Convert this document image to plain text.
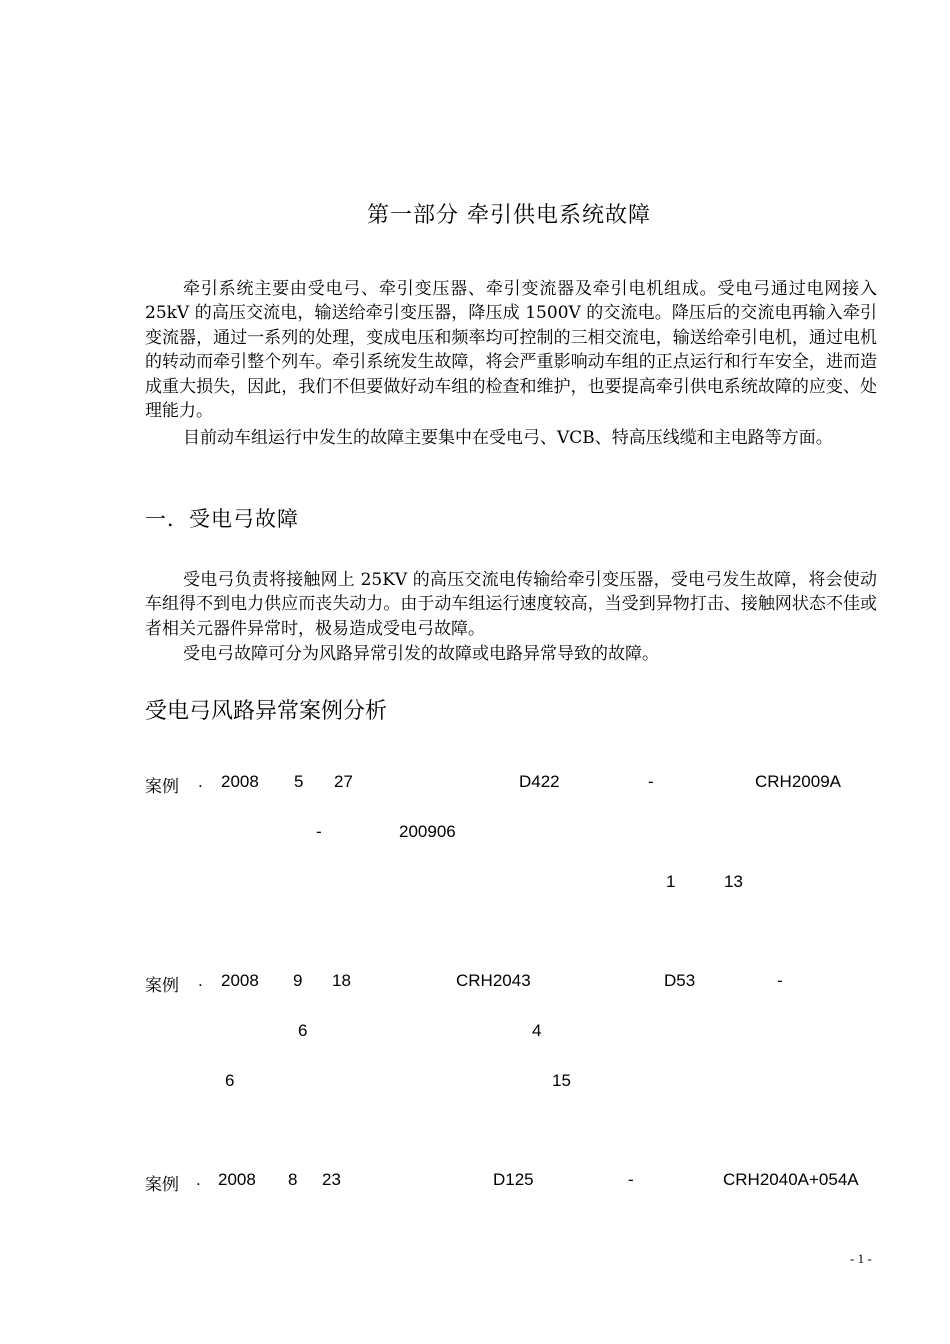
第一部分 牵引供电系统故障
牵引系统主要由受电弓、牵引变压器、牵引变流器及牵引电机组成。受电弓通过电网接入 25kV 的高压交流电，输送给牵引变压器，降压成 1500V 的交流电。降压后的交流电再输入牵引变流器，通过一系列的处理，变成电压和频率均可控制的三相交流电，输送给牵引电机，通过电机的转动而牵引整个列车。牵引系统发生故障，将会严重影响动车组的正点运行和行车安全，进而造成重大损失，因此，我们不但要做好动车组的检查和维护，也要提高牵引供电系统故障的应变、处理能力。
目前动车组运行中发生的故障主要集中在受电弓、VCB、特高压线缆和主电路等方面。
一．受电弓故障
受电弓负责将接触网上 25KV 的高压交流电传输给牵引变压器，受电弓发生故障，将会使动车组得不到电力供应而丧失动力。由于动车组运行速度较高，当受到异物打击、接触网状态不佳或者相关元器件异常时，极易造成受电弓故障。
受电弓故障可分为风路异常引发的故障或电路异常导致的故障。
受电弓风路异常案例分析
案例 . 2008 5 27	D422	-	CRH2009A
-	200906
1	13
案例 . 2008 9 18	CRH2043	D53	-
6	4
6	15
案例 . 2008 8 23	D125	-	CRH2040A+054A
- 1 -
